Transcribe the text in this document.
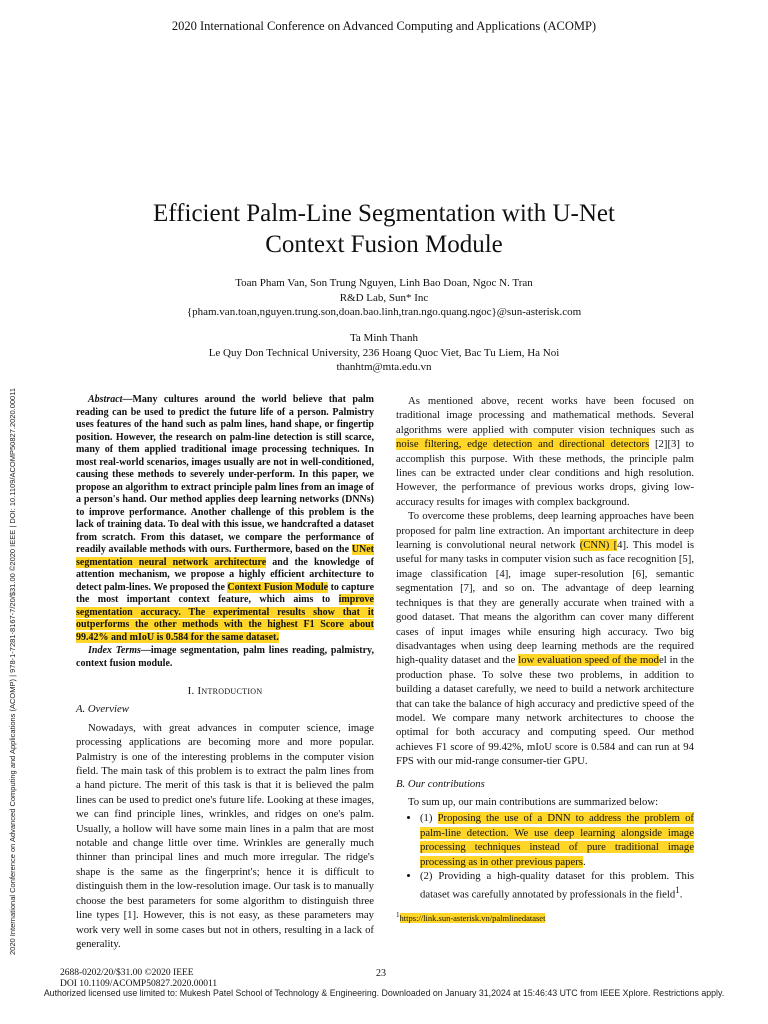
2020 International Conference on Advanced Computing and Applications (ACOMP)
2020 International Conference on Advanced Computing and Applications (ACOMP) | 978-1-7281-8167-7/20/$31.00 ©2020 IEEE | DOI: 10.1109/ACOMP50827.2020.00011
Efficient Palm-Line Segmentation with U-Net
Context Fusion Module
Toan Pham Van, Son Trung Nguyen, Linh Bao Doan, Ngoc N. Tran
R&D Lab, Sun* Inc
{pham.van.toan,nguyen.trung.son,doan.bao.linh,tran.ngo.quang.ngoc}@sun-asterisk.com
Ta Minh Thanh
Le Quy Don Technical University, 236 Hoang Quoc Viet, Bac Tu Liem, Ha Noi
thanhtm@mta.edu.vn

Abstract—Many cultures around the world believe that palm reading can be used to predict the future life of a person. Palmistry uses features of the hand such as palm lines, hand shape, or fingertip position. However, the research on palm-line detection is still scarce, many of them applied traditional image processing techniques. In most real-world scenarios, images usually are not in well-conditioned, causing these methods to severely under-perform. In this paper, we propose an algorithm to extract principle palm lines from an image of a person's hand. Our method applies deep learning networks (DNNs) to improve performance. Another challenge of this problem is the lack of training data. To deal with this issue, we handcrafted a dataset from scratch. From this dataset, we compare the performance of readily available methods with ours. Furthermore, based on the UNet segmentation neural network architecture and the knowledge of attention mechanism, we propose a highly efficient architecture to detect palm-lines. We proposed the Context Fusion Module to capture the most important context feature, which aims to improve segmentation accuracy. The experimental results show that it outperforms the other methods with the highest F1 Score about 99.42% and mIoU is 0.584 for the same dataset.

Index Terms—image segmentation, palm lines reading, palmistry, context fusion module.

I. Introduction

A. Overview

Nowadays, with great advances in computer science, image processing applications are becoming more and more popular. Palmistry is one of the interesting problems in the computer vision field. The main task of this problem is to extract the palm lines from a hand picture. The merit of this task is that it is believed the palm lines can be used to predict one's future life. Looking at these images, we can find principle lines, wrinkles, and ridges on one's palm. Usually, a hollow will have some main lines in a palm that are most notable and change little over time. Wrinkles are generally much thinner than principal lines and much more irregular. The ridge's shape is the same as the fingerprint's; hence it is difficult to distinguish them in the low-resolution image. Our task is to manually choose the best parameters for some algorithm to distinguish three line types [1]. However, this is not easy, as these parameters may work very well in some cases but not in others, resulting in a lack of generality.

As mentioned above, recent works have been focused on traditional image processing and mathematical methods. Several algorithms were applied with computer vision techniques such as noise filtering, edge detection and directional detectors [2][3] to accomplish this purpose. With these methods, the principle palm lines can be extracted under clear conditions and high resolution. However, the performance of previous works drops, giving low-accuracy results for images with complex background.

To overcome these problems, deep learning approaches have been proposed for palm line extraction. An important architecture in deep learning is convolutional neural network (CNN) [4]. This model is useful for many tasks in computer vision such as face recognition [5], image classification [4], image super-resolution [6], semantic segmentation [7], and so on. The advantage of deep learning techniques is that they are generally accurate when trained with a good dataset. That means the algorithm can cover many different cases of input images while ensuring high accuracy. Two big disadvantages when using deep learning methods are the required high-quality dataset and the low evaluation speed of the model in the production phase. To solve these two problems, in addition to building a dataset carefully, we need to build a network architecture that can take the balance of high accuracy and predictive speed of the model. We compare many network architectures to choose the optimal for both accuracy and computing speed. Our method achieves F1 score of 99.42%, mIoU score is 0.584 and can run at 94 FPS with our mid-range consumer-tier GPU.

B. Our contributions

To sum up, our main contributions are summarized below:

• (1) Proposing the use of a DNN to address the problem of palm-line detection. We use deep learning alongside image processing techniques instead of pure traditional image processing as in other previous papers.
• (2) Providing a high-quality dataset for this problem. This dataset was carefully annotated by professionals in the field$^1$.

$^1$https://link.sun-asterisk.vn/palmlinedataset

2688-0202/20/$31.00 ©2020 IEEE
DOI 10.1109/ACOMP50827.2020.00011
23
Authorized licensed use limited to: Mukesh Patel School of Technology & Engineering. Downloaded on January 31,2024 at 15:46:43 UTC from IEEE Xplore. Restrictions apply.
